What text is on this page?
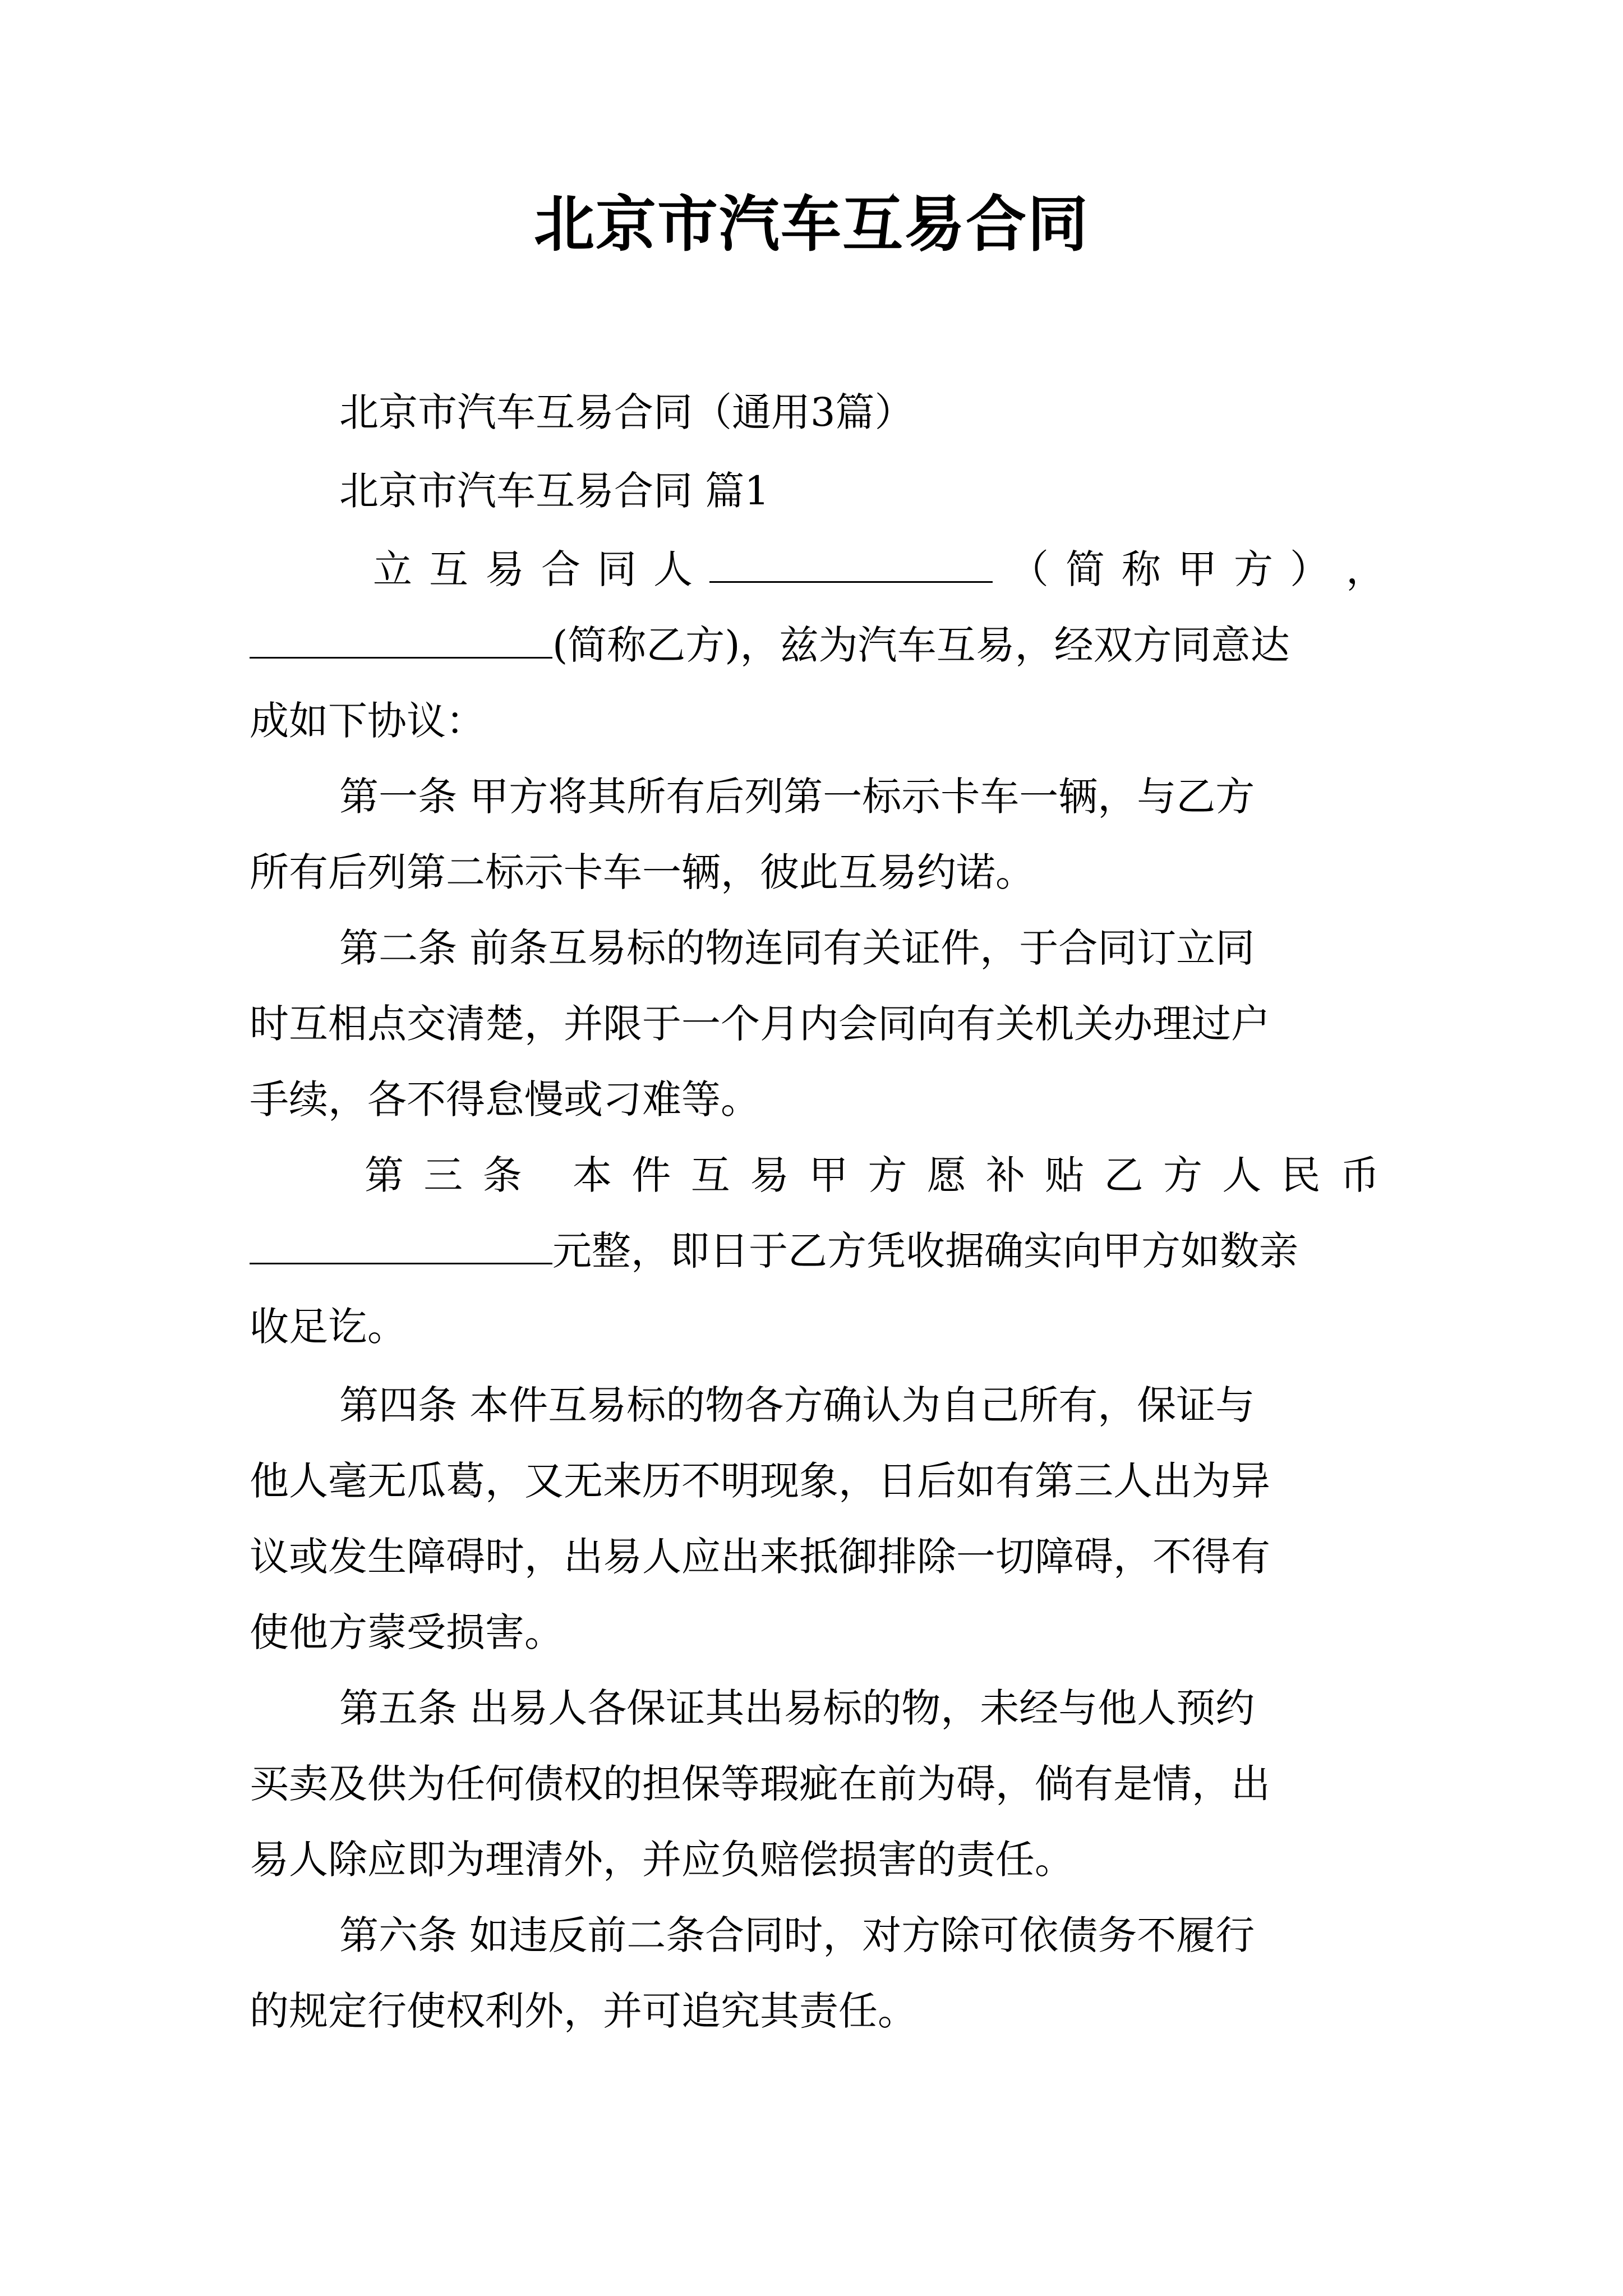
北京市汽车互易合同
北京市汽车互易合同（通用3篇）
北京市汽车互易合同 篇1
立 互 易 合 同 人	（ 简 称 甲 方 ） ，
(简称乙方)，兹为汽车互易，经双方同意达
成如下协议：
第一条 甲方将其所有后列第一标示卡车一辆，与乙方
所有后列第二标示卡车一辆，彼此互易约诺。
第二条 前条互易标的物连同有关证件，于合同订立同
时互相点交清楚，并限于一个月内会同向有关机关办理过户
手续，各不得怠慢或刁难等。
第 三 条 本 件 互 易 甲 方 愿 补 贴 乙 方 人 民 币
元整，即日于乙方凭收据确实向甲方如数亲
收足讫。
第四条 本件互易标的物各方确认为自己所有，保证与
他人毫无瓜葛，又无来历不明现象，日后如有第三人出为异
议或发生障碍时，出易人应出来抵御排除一切障碍，不得有
使他方蒙受损害。
第五条 出易人各保证其出易标的物，未经与他人预约
买卖及供为任何债权的担保等瑕疵在前为碍，倘有是情，出
易人除应即为理清外，并应负赔偿损害的责任。
第六条 如违反前二条合同时，对方除可依债务不履行
的规定行使权利外，并可追究其责任。
